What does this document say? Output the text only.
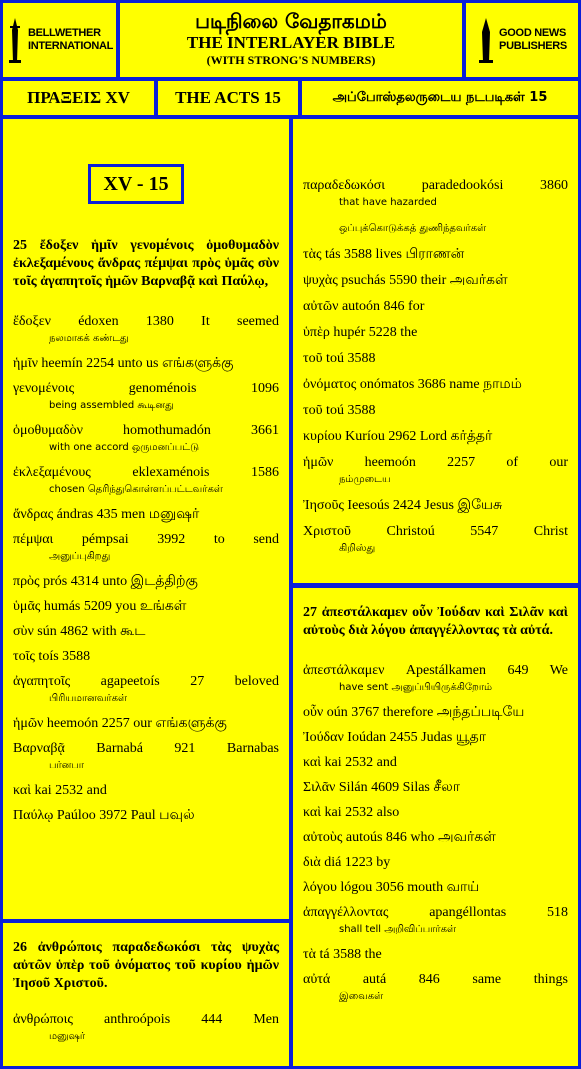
BELLWETHER
INTERNATIONAL
படிநிலை வேதாகமம்
THE INTERLAYER BIBLE
(WITH STRONG'S NUMBERS)
GOOD NEWS
PUBLISHERS
ΠΡΑΞΕΙΣ XV	THE ACTS 15	அப்போஸ்தலருடைய நடபடிகள் 15
XV - 15
25 ἔδοξεν ἡμῖν γενομένοις ὁμοθυμαδὸν ἐκλεξαμένους ἄνδρας πέμψαι πρὸς ὑμᾶς σὺν τοῖς ἀγαπητοῖς ἡμῶν Βαρναβᾷ καὶ Παύλῳ,
ἔδοξεν édoxen 1380 It seemed
நலமாகக் கண்டது
ἡμῖν heemín 2254 unto us எங்களுக்கு
γενομένοις genoménois 1096
being assembled கூடினது
ὁμοθυμαδὸν homothumadón 3661
with one accord ஒருமனப்பட்டு
ἐκλεξαμένους eklexaménois 1586
chosen தெரிந்துகொள்ளப்பட்டவர்கள்
ἄνδρας ándras 435 men மனுஷர்
πέμψαι pémpsai 3992 to send
அனுப்புகிறது
πρὸς prós 4314 unto இடத்திற்கு
ὑμᾶς humás 5209 you உங்கள்
σὺν sún 4862 with கூட
τοῖς toís 3588
ἀγαπητοῖς agapeetoís 27 beloved
பிரியமானவர்கள்
ἡμῶν heemoón 2257 our எங்களுக்கு
Βαρναβᾷ Barnabá 921 Barnabas
பர்னபா
καὶ kai 2532 and
Παύλῳ Paúloo 3972 Paul பவுல்
26 ἀνθρώποις παραδεδωκόσι τὰς ψυχὰς αὐτῶν ὑπὲρ τοῦ ὀνόματος τοῦ κυρίου ἡμῶν Ἰησοῦ Χριστοῦ.
ἀνθρώποις anthroópois 444 Men
மனுஷர்
παραδεδωκόσι paradedookósi 3860
that have hazarded
ஒப்புக்கொடுக்கத் துணிந்தவர்கள்
τὰς tás 3588 lives பிராணன்
ψυχὰς psuchás 5590 their அவர்கள்
αὐτῶν autoón 846 for
ὑπὲρ hupér 5228 the
τοῦ toú 3588
ὀνόματος onómatos 3686 name நாமம்
τοῦ toú 3588
κυρίου Kuríou 2962 Lord கர்த்தர்
ἡμῶν heemoón 2257 of our
நம்முடைய
Ἰησοῦς Ieesoús 2424 Jesus இயேசு
Χριστοῦ Christoú 5547 Christ
கிறிஸ்து
27 ἀπεστάλκαμεν οὖν Ἰούδαν καὶ Σιλᾶν καὶ αὐτοὺς διὰ λόγου ἀπαγγέλλοντας τὰ αὐτά.
ἀπεστάλκαμεν Apestálkamen 649 We
have sent அனுப்பியிருக்கிறோம்
οὖν oún 3767 therefore அந்தப்படியே
Ἰούδαν Ioúdan 2455 Judas யூதா
καὶ kai 2532 and
Σιλᾶν Silán 4609 Silas சீலா
καὶ kai 2532 also
αὐτοὺς autoús 846 who அவர்கள்
διὰ diá 1223 by
λόγου lógou 3056 mouth வாய்
ἀπαγγέλλοντας apangéllontas 518
shall tell அறிவிப்பார்கள்
τὰ tá 3588 the
αὐτά autá 846 same things
இவைகள்
